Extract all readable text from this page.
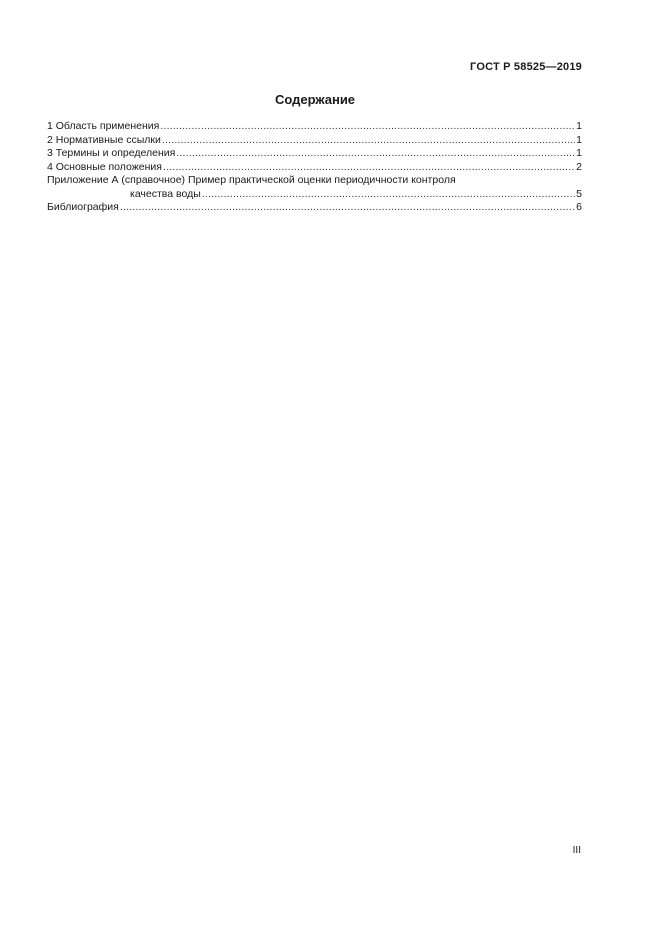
ГОСТ Р 58525—2019
Содержание
1 Область применения .....	1
2 Нормативные ссылки .....	1
3 Термины и определения .....	1
4 Основные положения .....	2
Приложение А (справочное) Пример практической оценки периодичности контроля
качества воды .....	5
Библиография .....	6
III
